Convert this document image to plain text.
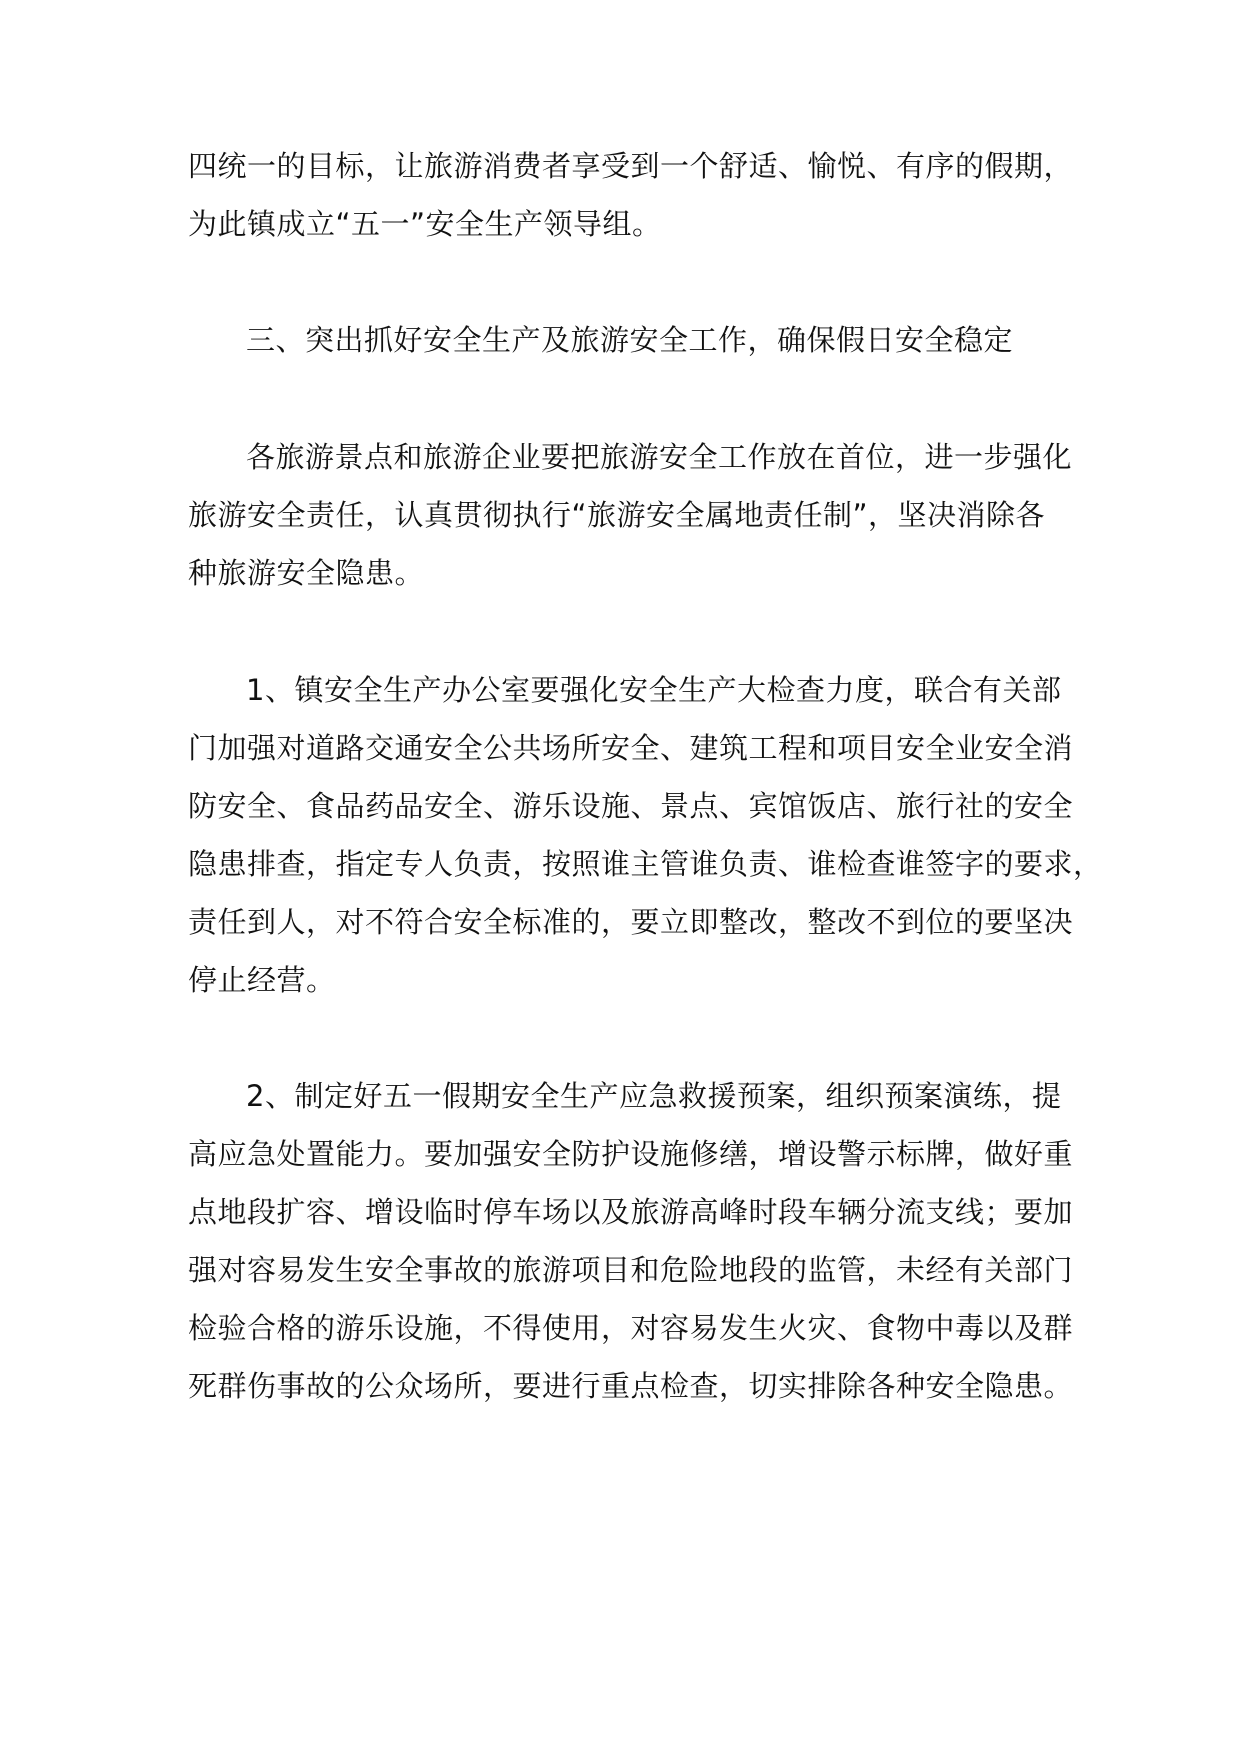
四统一的目标，让旅游消费者享受到一个舒适、愉悦、有序的假期，
为此镇成立“五一”安全生产领导组。
三、突出抓好安全生产及旅游安全工作，确保假日安全稳定
各旅游景点和旅游企业要把旅游安全工作放在首位，进一步强化
旅游安全责任，认真贯彻执行“旅游安全属地责任制”，坚决消除各
种旅游安全隐患。
1、镇安全生产办公室要强化安全生产大检查力度，联合有关部
门加强对道路交通安全公共场所安全、建筑工程和项目安全业安全消
防安全、食品药品安全、游乐设施、景点、宾馆饭店、旅行社的安全
隐患排查，指定专人负责，按照谁主管谁负责、谁检查谁签字的要求，
责任到人，对不符合安全标准的，要立即整改，整改不到位的要坚决
停止经营。
2、制定好五一假期安全生产应急救援预案，组织预案演练，提
高应急处置能力。要加强安全防护设施修缮，增设警示标牌，做好重
点地段扩容、增设临时停车场以及旅游高峰时段车辆分流支线；要加
强对容易发生安全事故的旅游项目和危险地段的监管，未经有关部门
检验合格的游乐设施，不得使用，对容易发生火灾、食物中毒以及群
死群伤事故的公众场所，要进行重点检查，切实排除各种安全隐患。
